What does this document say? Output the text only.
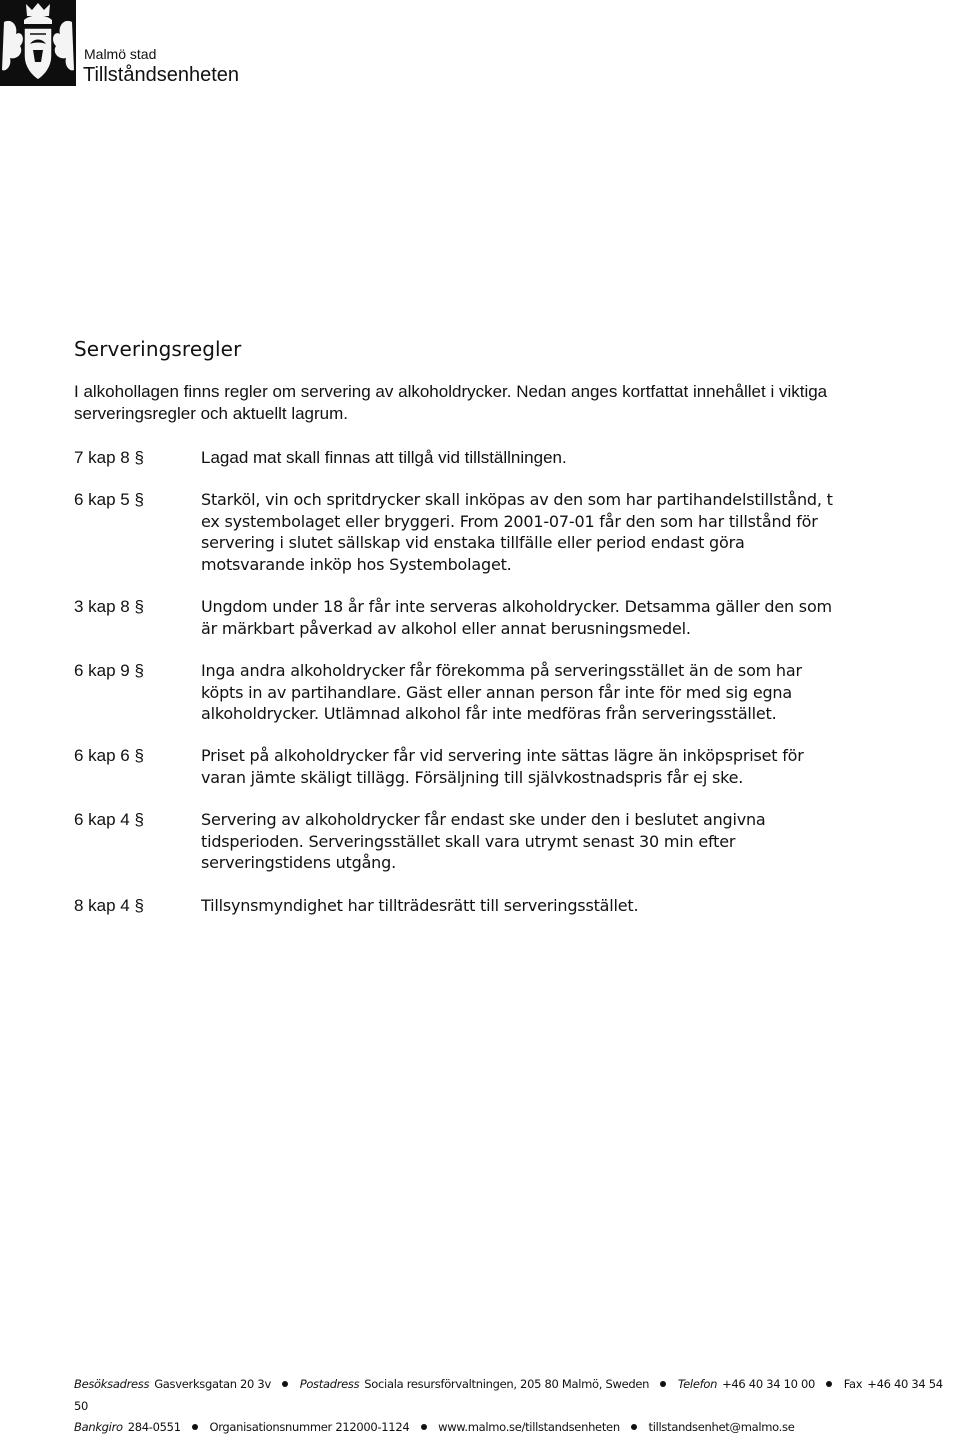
Malmö stad
Tillståndsenheten
Serveringsregler

I alkohollagen finns regler om servering av alkoholdrycker. Nedan anges kortfattat innehållet i viktiga serveringsregler och aktuellt lagrum.

7 kap 8 §	Lagad mat skall finnas att tillgå vid tillställningen.

6 kap 5 §	Starköl, vin och spritdrycker skall inköpas av den som har partihandelstillstånd, t ex systembolaget eller bryggeri. From 2001-07-01 får den som har tillstånd för servering i slutet sällskap vid enstaka tillfälle eller period endast göra motsvarande inköp hos Systembolaget.

3 kap 8 §	Ungdom under 18 år får inte serveras alkoholdrycker. Detsamma gäller den som är märkbart påverkad av alkohol eller annat berusningsmedel.

6 kap 9 §	Inga andra alkoholdrycker får förekomma på serveringsstället än de som har köpts in av partihandlare. Gäst eller annan person får inte för med sig egna alkoholdrycker. Utlämnad alkohol får inte medföras från serveringsstället.

6 kap 6 §	Priset på alkoholdrycker får vid servering inte sättas lägre än inköpspriset för varan jämte skäligt tillägg. Försäljning till självkostnadspris får ej ske.

6 kap 4 §	Servering av alkoholdrycker får endast ske under den i beslutet angivna tidsperioden. Serveringsstället skall vara utrymt senast 30 min efter serveringstidens utgång.

8 kap 4 §	Tillsynsmyndighet har tillträdesrätt till serveringsstället.

Besöksadress Gasverksgatan 20 3v Postadress Sociala resursförvaltningen, 205 80 Malmö, Sweden Telefon +46 40 34 10 00 Fax +46 40 34 54 50
Bankgiro 284-0551 Organisationsnummer 212000-1124 www.malmo.se/tillstandsenheten tillstandsenhet@malmo.se
